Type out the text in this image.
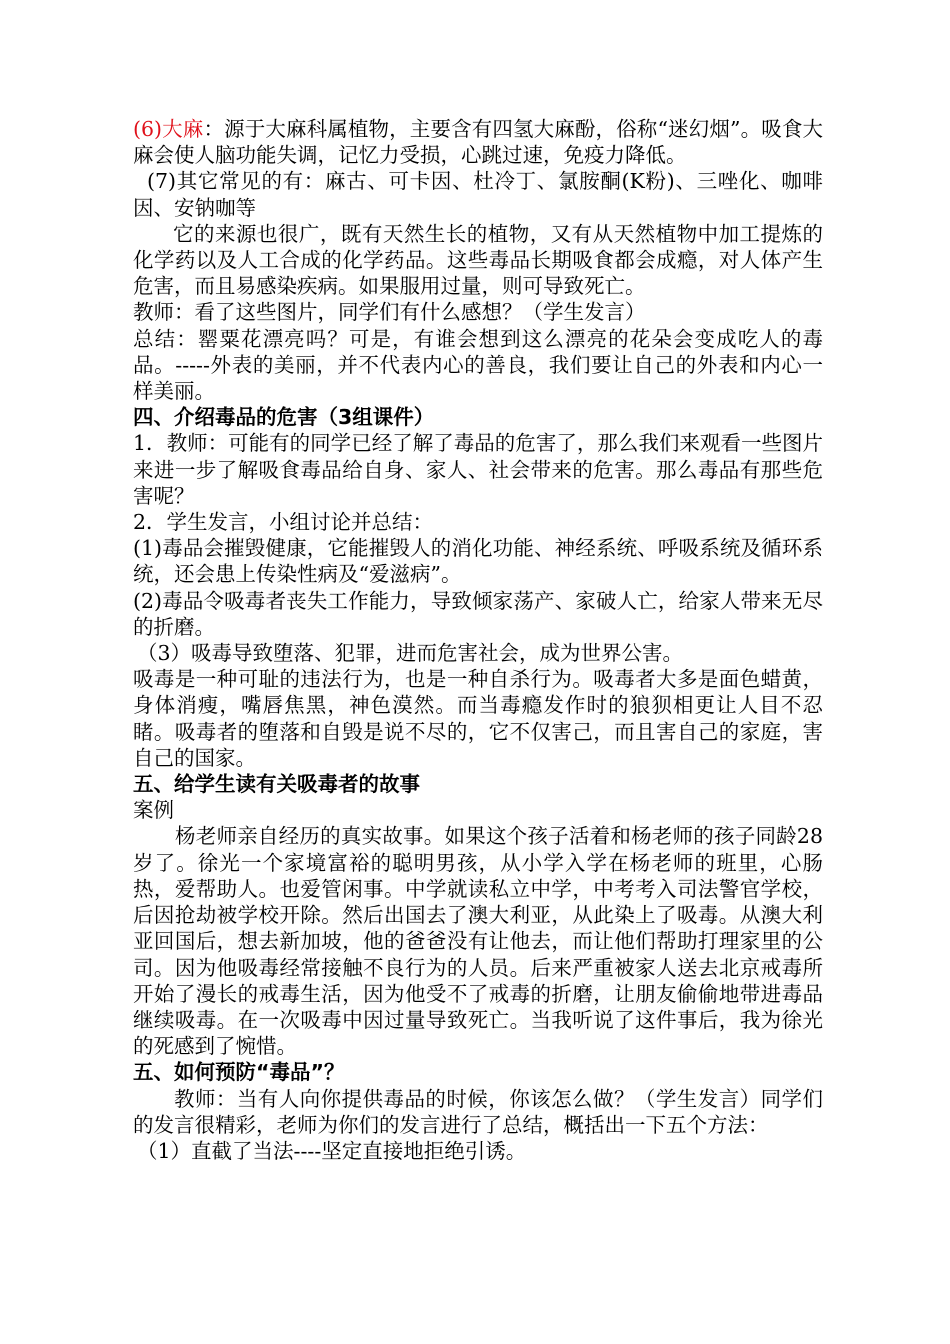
(6)大麻：源于大麻科属植物，主要含有四氢大麻酚，俗称“迷幻烟”。吸食大麻会使人脑功能失调，记忆力受损，心跳过速，免疫力降低。

(7)其它常见的有：麻古、可卡因、杜冷丁、氯胺酮(K粉)、三唑化、咖啡因、安钠咖等

它的来源也很广，既有天然生长的植物，又有从天然植物中加工提炼的化学药以及人工合成的化学药品。这些毒品长期吸食都会成瘾，对人体产生危害，而且易感染疾病。如果服用过量，则可导致死亡。

教师：看了这些图片，同学们有什么感想？（学生发言）

总结：罂粟花漂亮吗？可是，有谁会想到这么漂亮的花朵会变成吃人的毒品。-----外表的美丽，并不代表内心的善良，我们要让自己的外表和内心一样美丽。

四、介绍毒品的危害（3组课件）

1．教师：可能有的同学已经了解了毒品的危害了，那么我们来观看一些图片来进一步了解吸食毒品给自身、家人、社会带来的危害。那么毒品有那些危害呢？

2．学生发言，小组讨论并总结：

(1)毒品会摧毁健康，它能摧毁人的消化功能、神经系统、呼吸系统及循环系统，还会患上传染性病及“爱滋病”。

(2)毒品令吸毒者丧失工作能力，导致倾家荡产、家破人亡，给家人带来无尽的折磨。

（3）吸毒导致堕落、犯罪，进而危害社会，成为世界公害。

吸毒是一种可耻的违法行为，也是一种自杀行为。吸毒者大多是面色蜡黄，身体消瘦，嘴唇焦黑，神色漠然。而当毒瘾发作时的狼狈相更让人目不忍睹。吸毒者的堕落和自毁是说不尽的，它不仅害己，而且害自己的家庭，害自己的国家。

五、给学生读有关吸毒者的故事

案例

杨老师亲自经历的真实故事。如果这个孩子活着和杨老师的孩子同龄28岁了。徐光一个家境富裕的聪明男孩，从小学入学在杨老师的班里，心肠热，爱帮助人。也爱管闲事。中学就读私立中学，中考考入司法警官学校，后因抢劫被学校开除。然后出国去了澳大利亚，从此染上了吸毒。从澳大利亚回国后，想去新加坡，他的爸爸没有让他去，而让他们帮助打理家里的公司。因为他吸毒经常接触不良行为的人员。后来严重被家人送去北京戒毒所开始了漫长的戒毒生活，因为他受不了戒毒的折磨，让朋友偷偷地带进毒品继续吸毒。在一次吸毒中因过量导致死亡。当我听说了这件事后，我为徐光的死感到了惋惜。

五、如何预防“毒品”？

教师：当有人向你提供毒品的时候，你该怎么做？（学生发言）同学们的发言很精彩，老师为你们的发言进行了总结，概括出一下五个方法：

（1）直截了当法----坚定直接地拒绝引诱。
